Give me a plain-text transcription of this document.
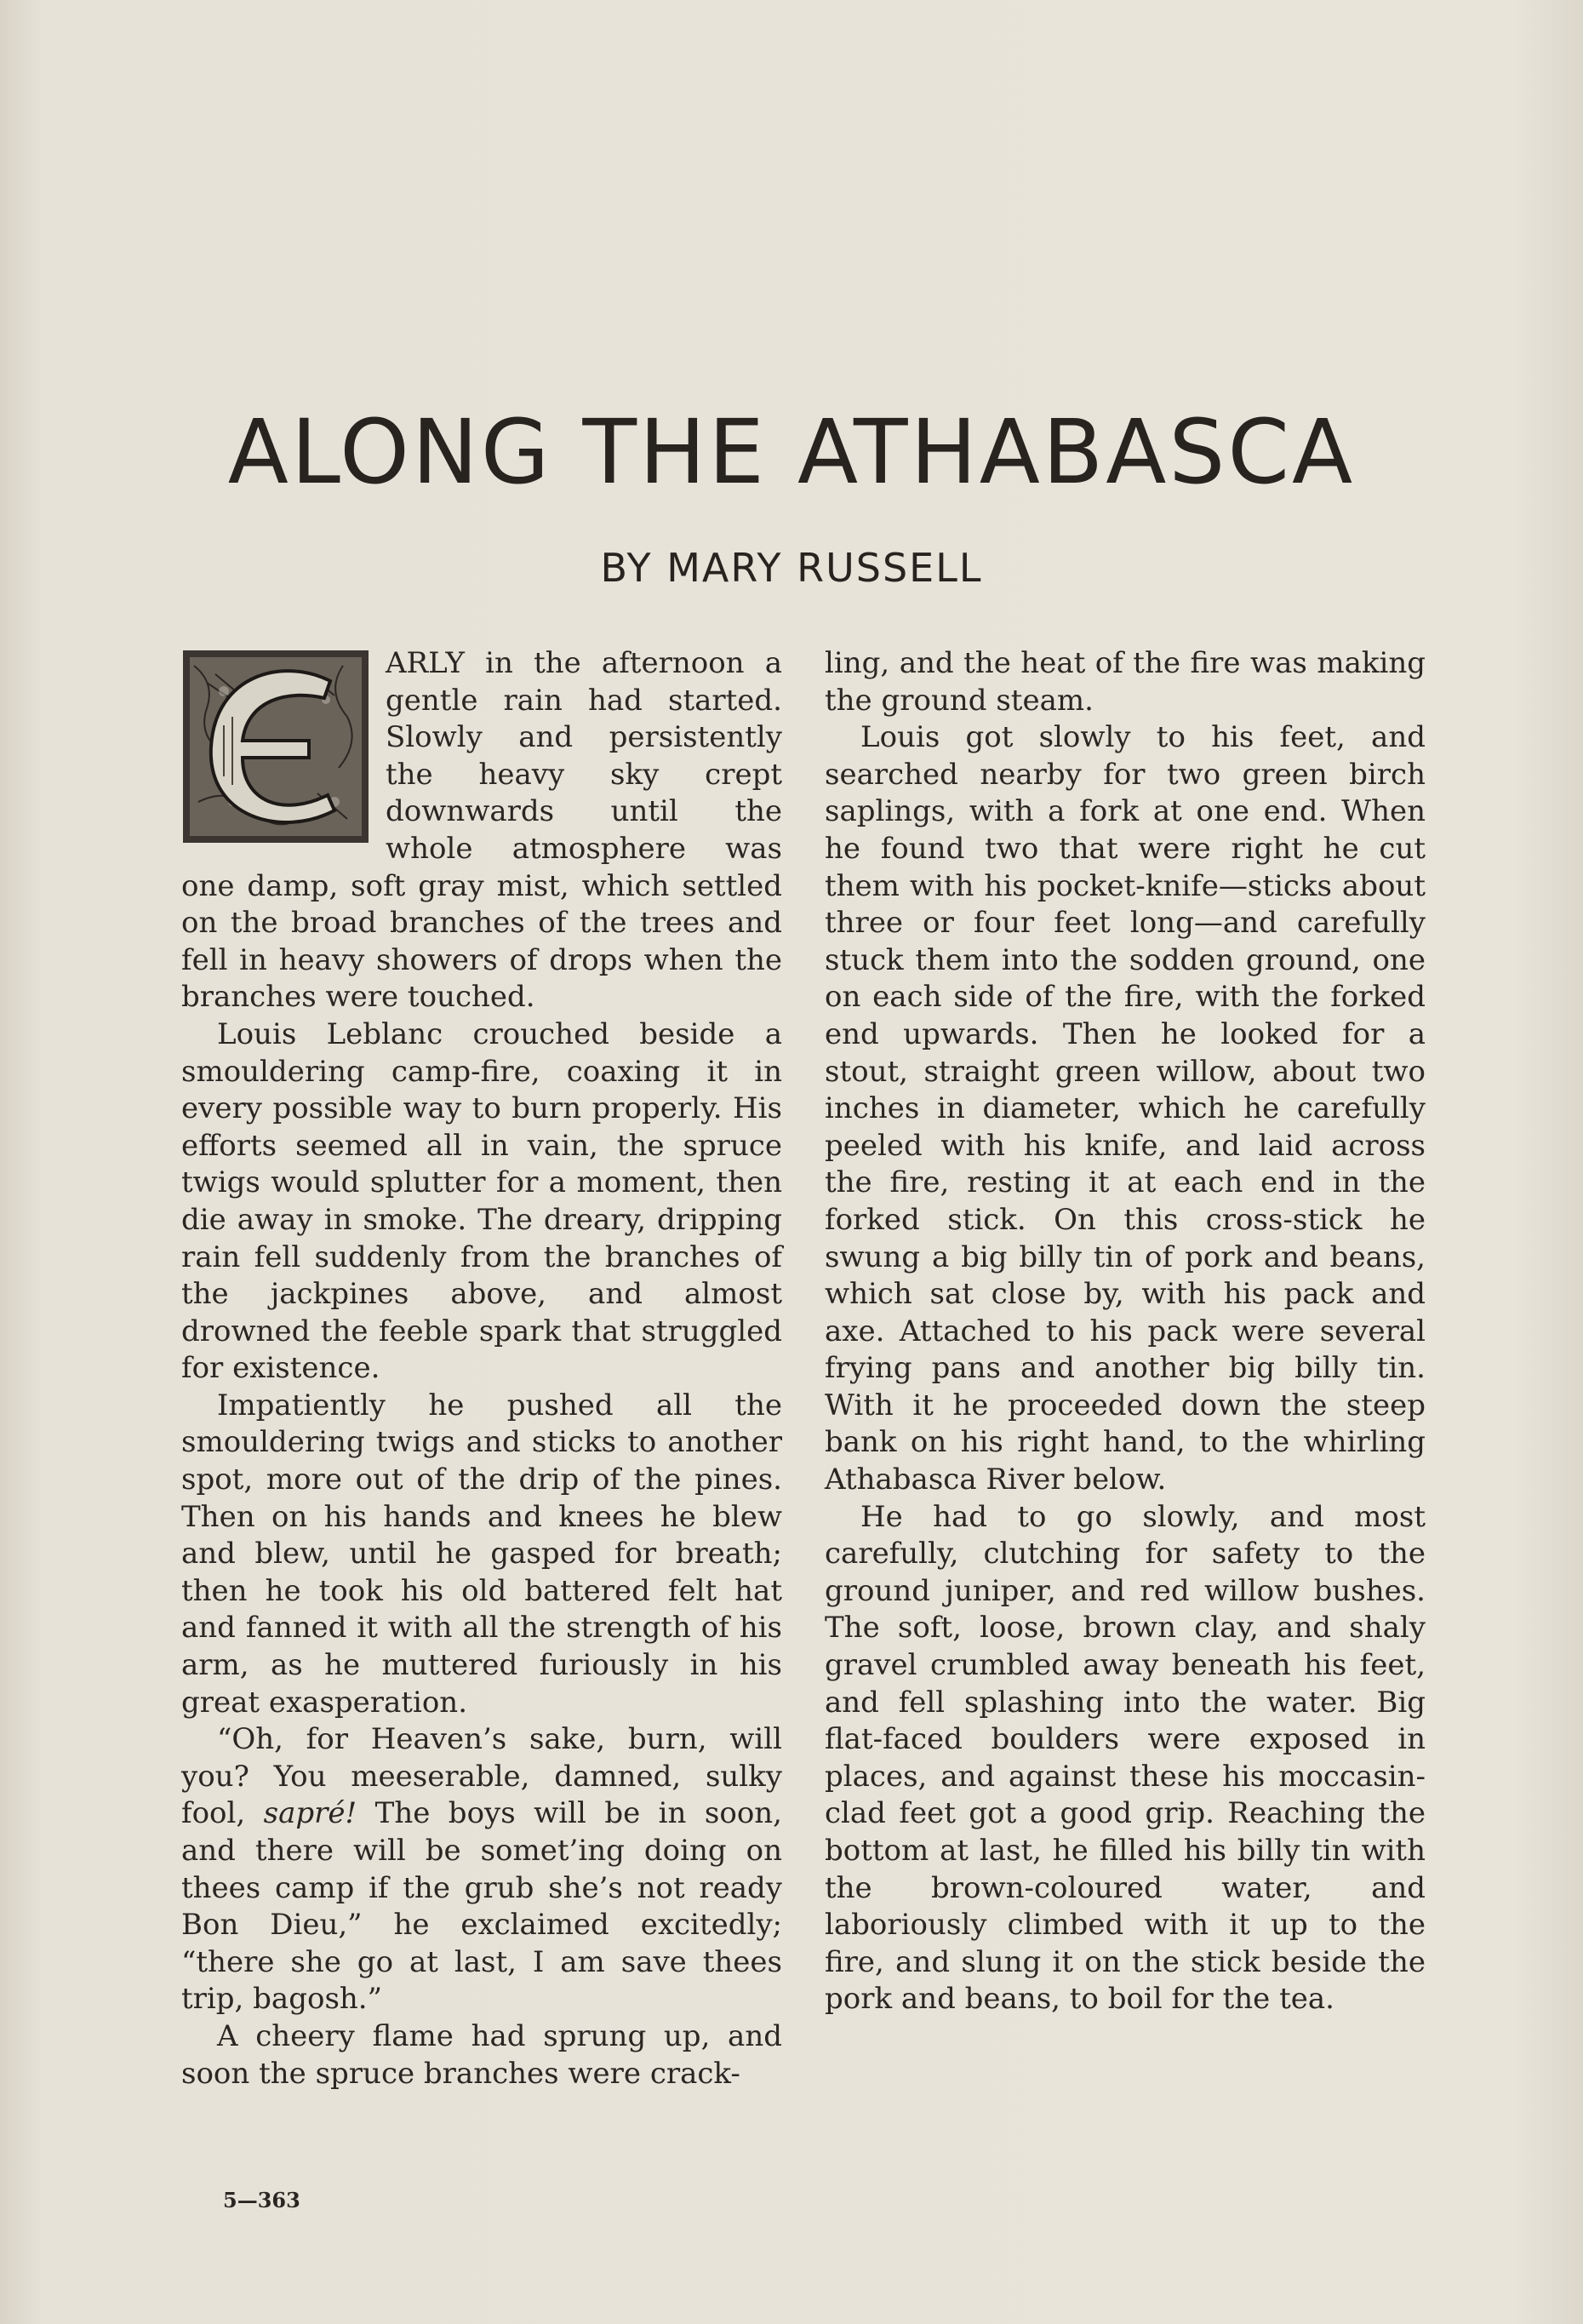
ALONG THE ATHABASCA
BY MARY RUSSELL

ARLY in the afternoon a gentle rain had started. Slowly and persistently the heavy sky crept downwards until the whole atmosphere was one damp, soft gray mist, which settled on the broad branches of the trees and fell in heavy showers of drops when the branches were touched.

Louis Leblanc crouched beside a smouldering camp-fire, coaxing it in every possible way to burn properly. His efforts seemed all in vain, the spruce twigs would splutter for a moment, then die away in smoke. The dreary, dripping rain fell suddenly from the branches of the jackpines above, and almost drowned the feeble spark that struggled for existence.

Impatiently he pushed all the smouldering twigs and sticks to another spot, more out of the drip of the pines. Then on his hands and knees he blew and blew, until he gasped for breath; then he took his old battered felt hat and fanned it with all the strength of his arm, as he muttered furiously in his great exasperation.

“Oh, for Heaven’s sake, burn, will you? You meeserable, damned, sulky fool, sapré! The boys will be in soon, and there will be somet’ing doing on thees camp if the grub she’s not ready Bon Dieu,” he exclaimed excitedly; “there she go at last, I am save thees trip, bagosh.”

A cheery flame had sprung up, and soon the spruce branches were crack-

ling, and the heat of the fire was making the ground steam.

Louis got slowly to his feet, and searched nearby for two green birch saplings, with a fork at one end. When he found two that were right he cut them with his pocket-knife—sticks about three or four feet long—and carefully stuck them into the sodden ground, one on each side of the fire, with the forked end upwards. Then he looked for a stout, straight green willow, about two inches in diameter, which he carefully peeled with his knife, and laid across the fire, resting it at each end in the forked stick. On this cross-stick he swung a big billy tin of pork and beans, which sat close by, with his pack and axe. Attached to his pack were several frying pans and another big billy tin. With it he proceeded down the steep bank on his right hand, to the whirling Athabasca River below.

He had to go slowly, and most carefully, clutching for safety to the ground juniper, and red willow bushes. The soft, loose, brown clay, and shaly gravel crumbled away beneath his feet, and fell splashing into the water. Big flat-faced boulders were exposed in places, and against these his moccasin-clad feet got a good grip. Reaching the bottom at last, he filled his billy tin with the brown-coloured water, and laboriously climbed with it up to the fire, and slung it on the stick beside the pork and beans, to boil for the tea.

5—363
